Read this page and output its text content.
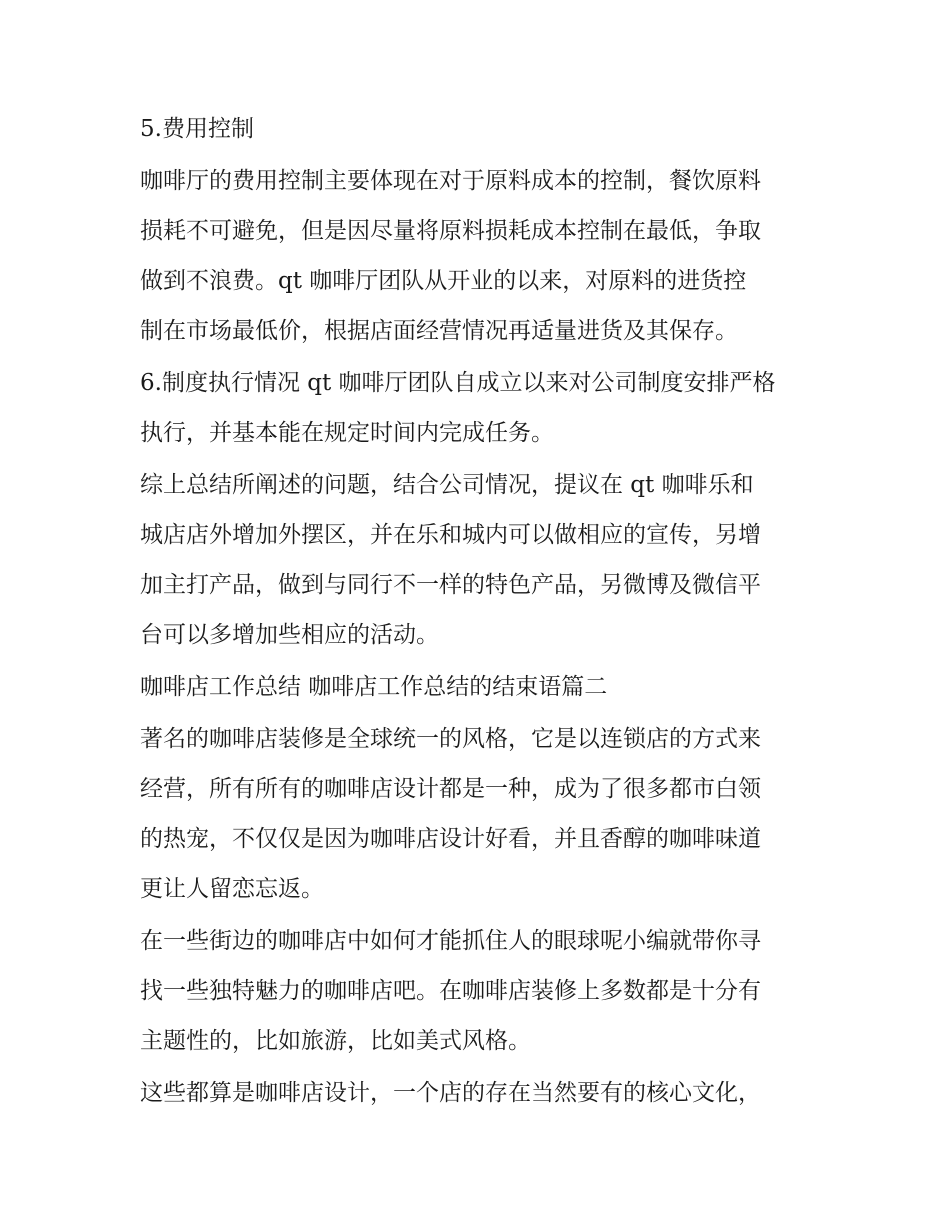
5.费用控制

咖啡厅的费用控制主要体现在对于原料成本的控制，餐饮原料

损耗不可避免，但是因尽量将原料损耗成本控制在最低，争取

做到不浪费。qt 咖啡厅团队从开业的以来，对原料的进货控

制在市场最低价，根据店面经营情况再适量进货及其保存。

6.制度执行情况 qt 咖啡厅团队自成立以来对公司制度安排严格

执行，并基本能在规定时间内完成任务。

综上总结所阐述的问题，结合公司情况，提议在 qt 咖啡乐和

城店店外增加外摆区，并在乐和城内可以做相应的宣传，另增

加主打产品，做到与同行不一样的特色产品，另微博及微信平

台可以多增加些相应的活动。

咖啡店工作总结 咖啡店工作总结的结束语篇二

著名的咖啡店装修是全球统一的风格，它是以连锁店的方式来

经营，所有所有的咖啡店设计都是一种，成为了很多都市白领

的热宠，不仅仅是因为咖啡店设计好看，并且香醇的咖啡味道

更让人留恋忘返。

在一些街边的咖啡店中如何才能抓住人的眼球呢小编就带你寻

找一些独特魅力的咖啡店吧。在咖啡店装修上多数都是十分有

主题性的，比如旅游，比如美式风格。

这些都算是咖啡店设计，一个店的存在当然要有的核心文化，
